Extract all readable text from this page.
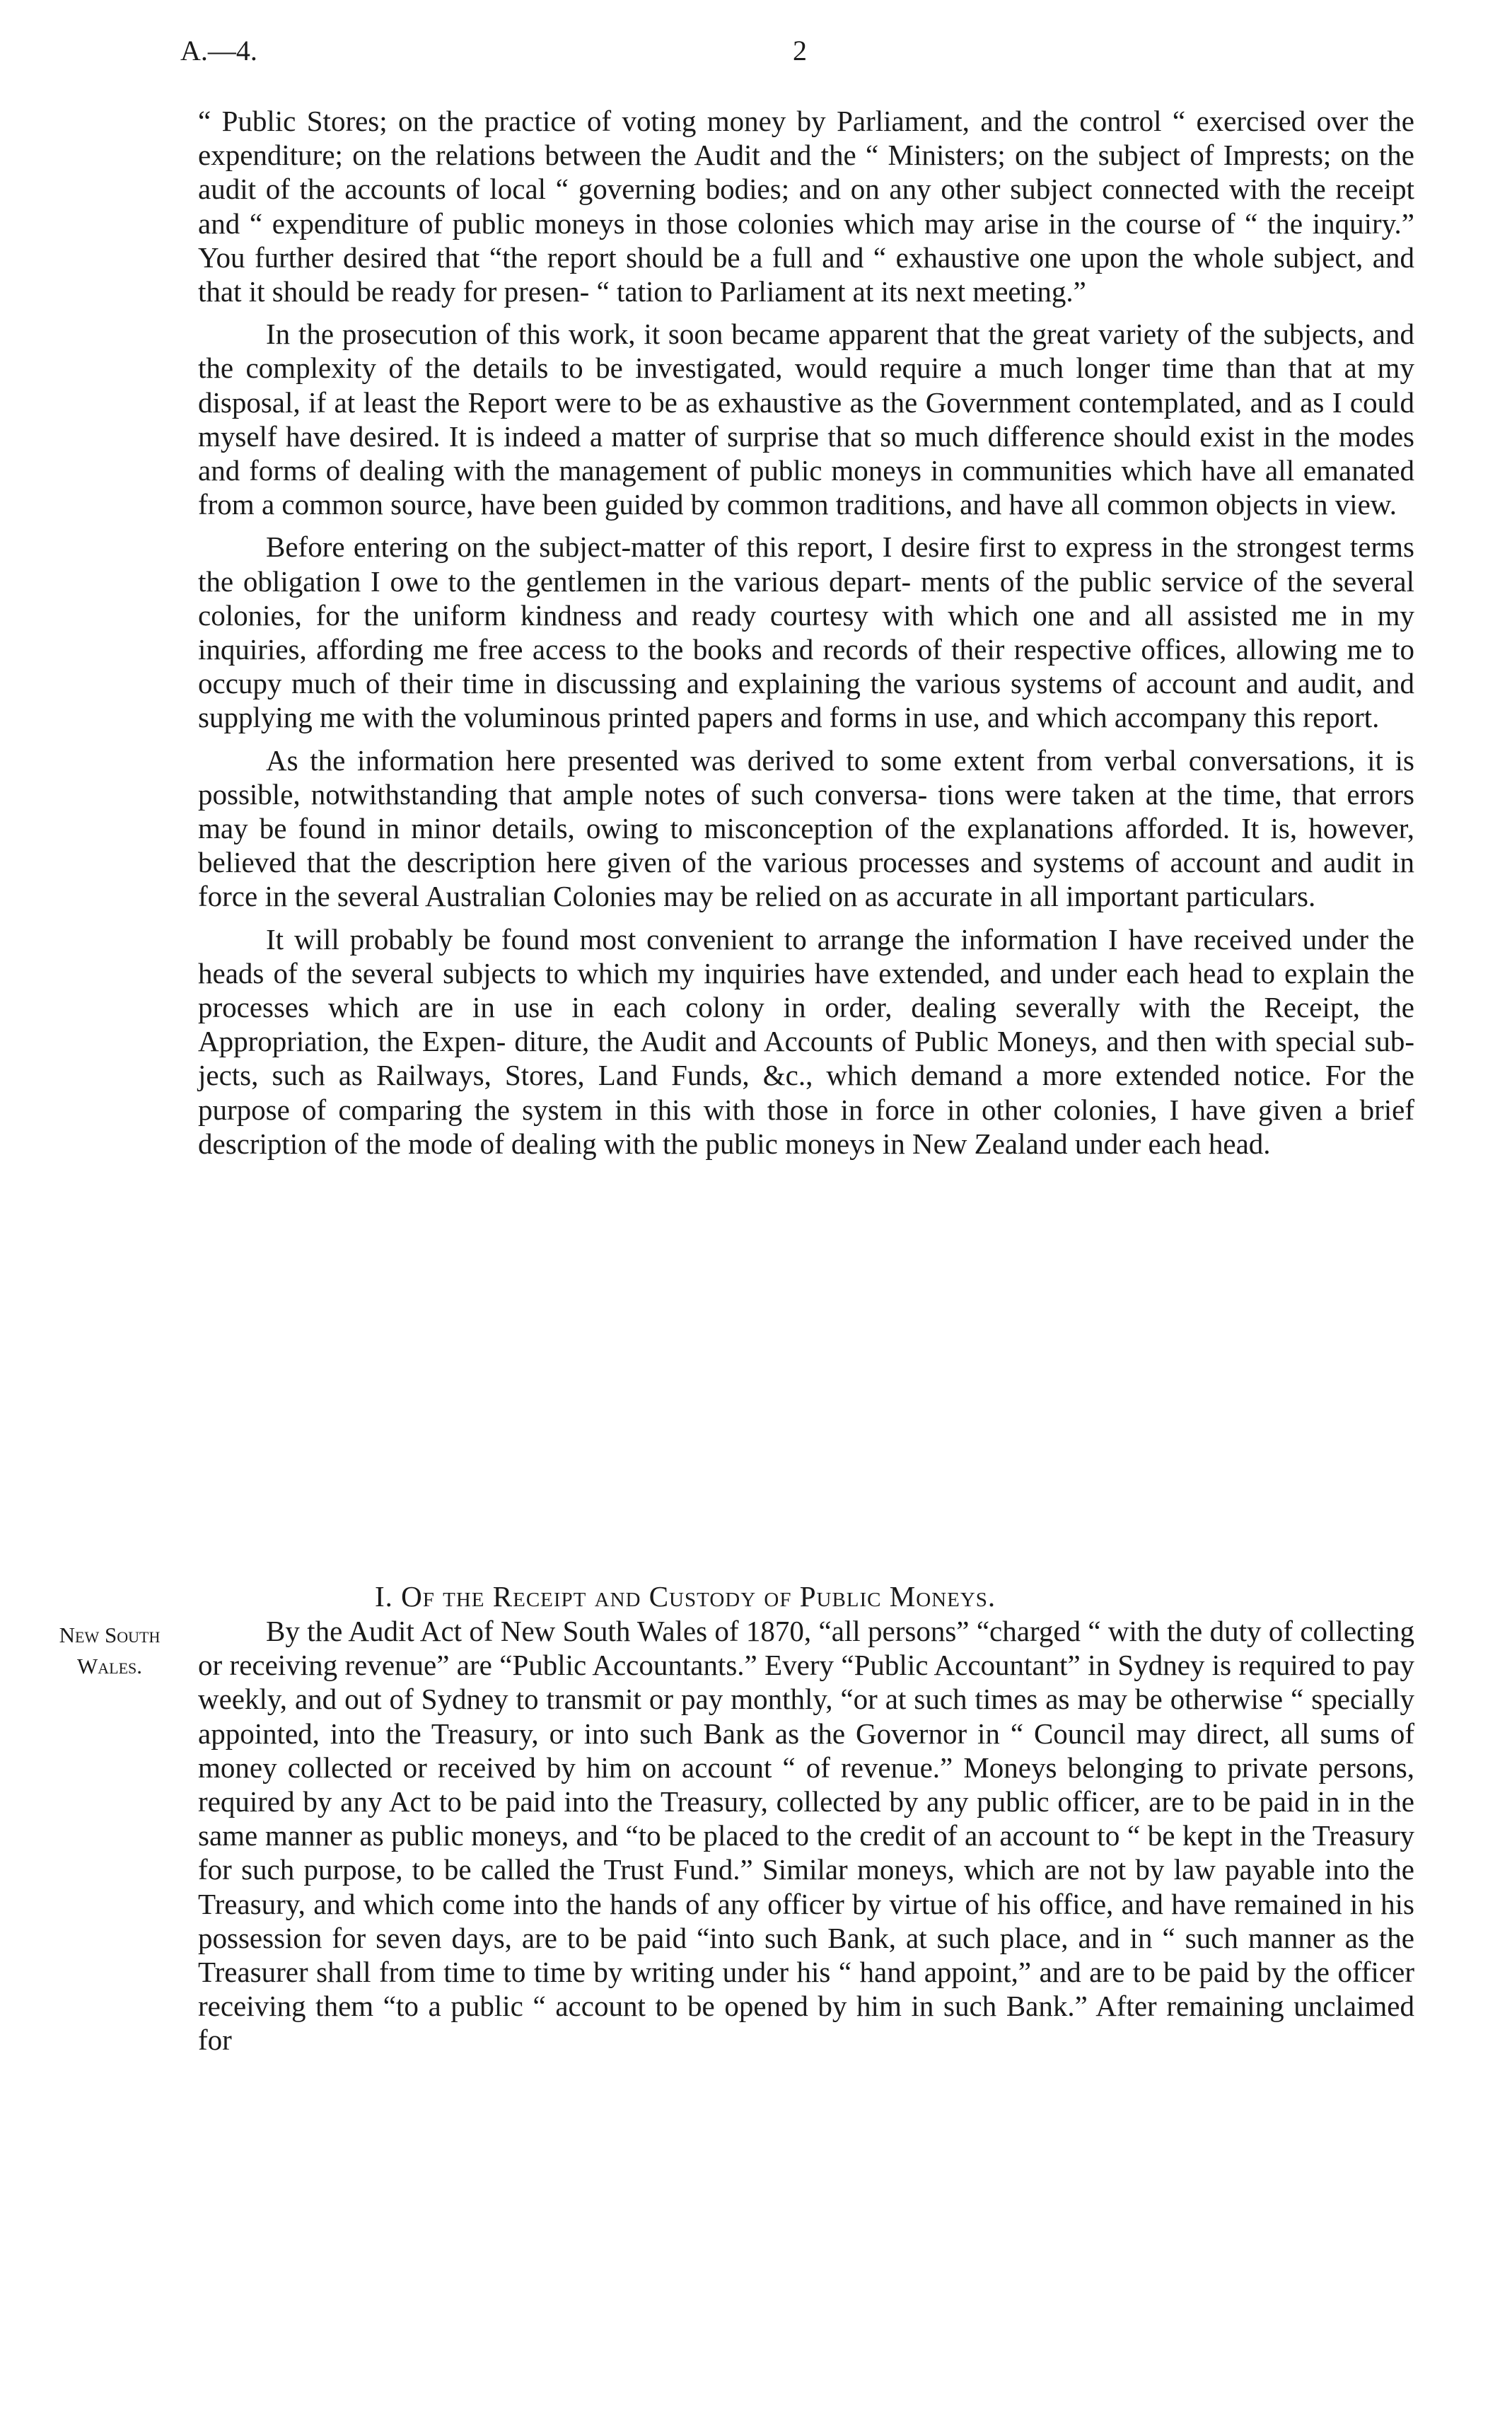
A.—4.	2

“ Public Stores; on the practice of voting money by Parliament, and the control “ exercised over the expenditure; on the relations between the Audit and the “ Ministers; on the subject of Imprests; on the audit of the accounts of local “ governing bodies; and on any other subject connected with the receipt and “ expenditure of public moneys in those colonies which may arise in the course of “ the inquiry.” You further desired that “the report should be a full and “ exhaustive one upon the whole subject, and that it should be ready for presen- “ tation to Parliament at its next meeting.”

In the prosecution of this work, it soon became apparent that the great variety of the subjects, and the complexity of the details to be investigated, would require a much longer time than that at my disposal, if at least the Report were to be as exhaustive as the Government contemplated, and as I could myself have desired. It is indeed a matter of surprise that so much difference should exist in the modes and forms of dealing with the management of public moneys in communities which have all emanated from a common source, have been guided by common traditions, and have all common objects in view.

Before entering on the subject-matter of this report, I desire first to express in the strongest terms the obligation I owe to the gentlemen in the various depart- ments of the public service of the several colonies, for the uniform kindness and ready courtesy with which one and all assisted me in my inquiries, affording me free access to the books and records of their respective offices, allowing me to occupy much of their time in discussing and explaining the various systems of account and audit, and supplying me with the voluminous printed papers and forms in use, and which accompany this report.

As the information here presented was derived to some extent from verbal conversations, it is possible, notwithstanding that ample notes of such conversa- tions were taken at the time, that errors may be found in minor details, owing to misconception of the explanations afforded. It is, however, believed that the description here given of the various processes and systems of account and audit in force in the several Australian Colonies may be relied on as accurate in all important particulars.

It will probably be found most convenient to arrange the information I have received under the heads of the several subjects to which my inquiries have extended, and under each head to explain the processes which are in use in each colony in order, dealing severally with the Receipt, the Appropriation, the Expen- diture, the Audit and Accounts of Public Moneys, and then with special sub- jects, such as Railways, Stores, Land Funds, &c., which demand a more extended notice. For the purpose of comparing the system in this with those in force in other colonies, I have given a brief description of the mode of dealing with the public moneys in New Zealand under each head.

I. Of the Receipt and Custody of Public Moneys.
New South Wales.

By the Audit Act of New South Wales of 1870, “all persons” “charged “ with the duty of collecting or receiving revenue” are “Public Accountants.” Every “Public Accountant” in Sydney is required to pay weekly, and out of Sydney to transmit or pay monthly, “or at such times as may be otherwise “ specially appointed, into the Treasury, or into such Bank as the Governor in “ Council may direct, all sums of money collected or received by him on account “ of revenue.” Moneys belonging to private persons, required by any Act to be paid into the Treasury, collected by any public officer, are to be paid in in the same manner as public moneys, and “to be placed to the credit of an account to “ be kept in the Treasury for such purpose, to be called the Trust Fund.” Similar moneys, which are not by law payable into the Treasury, and which come into the hands of any officer by virtue of his office, and have remained in his possession for seven days, are to be paid “into such Bank, at such place, and in “ such manner as the Treasurer shall from time to time by writing under his “ hand appoint,” and are to be paid by the officer receiving them “to a public “ account to be opened by him in such Bank.” After remaining unclaimed for
